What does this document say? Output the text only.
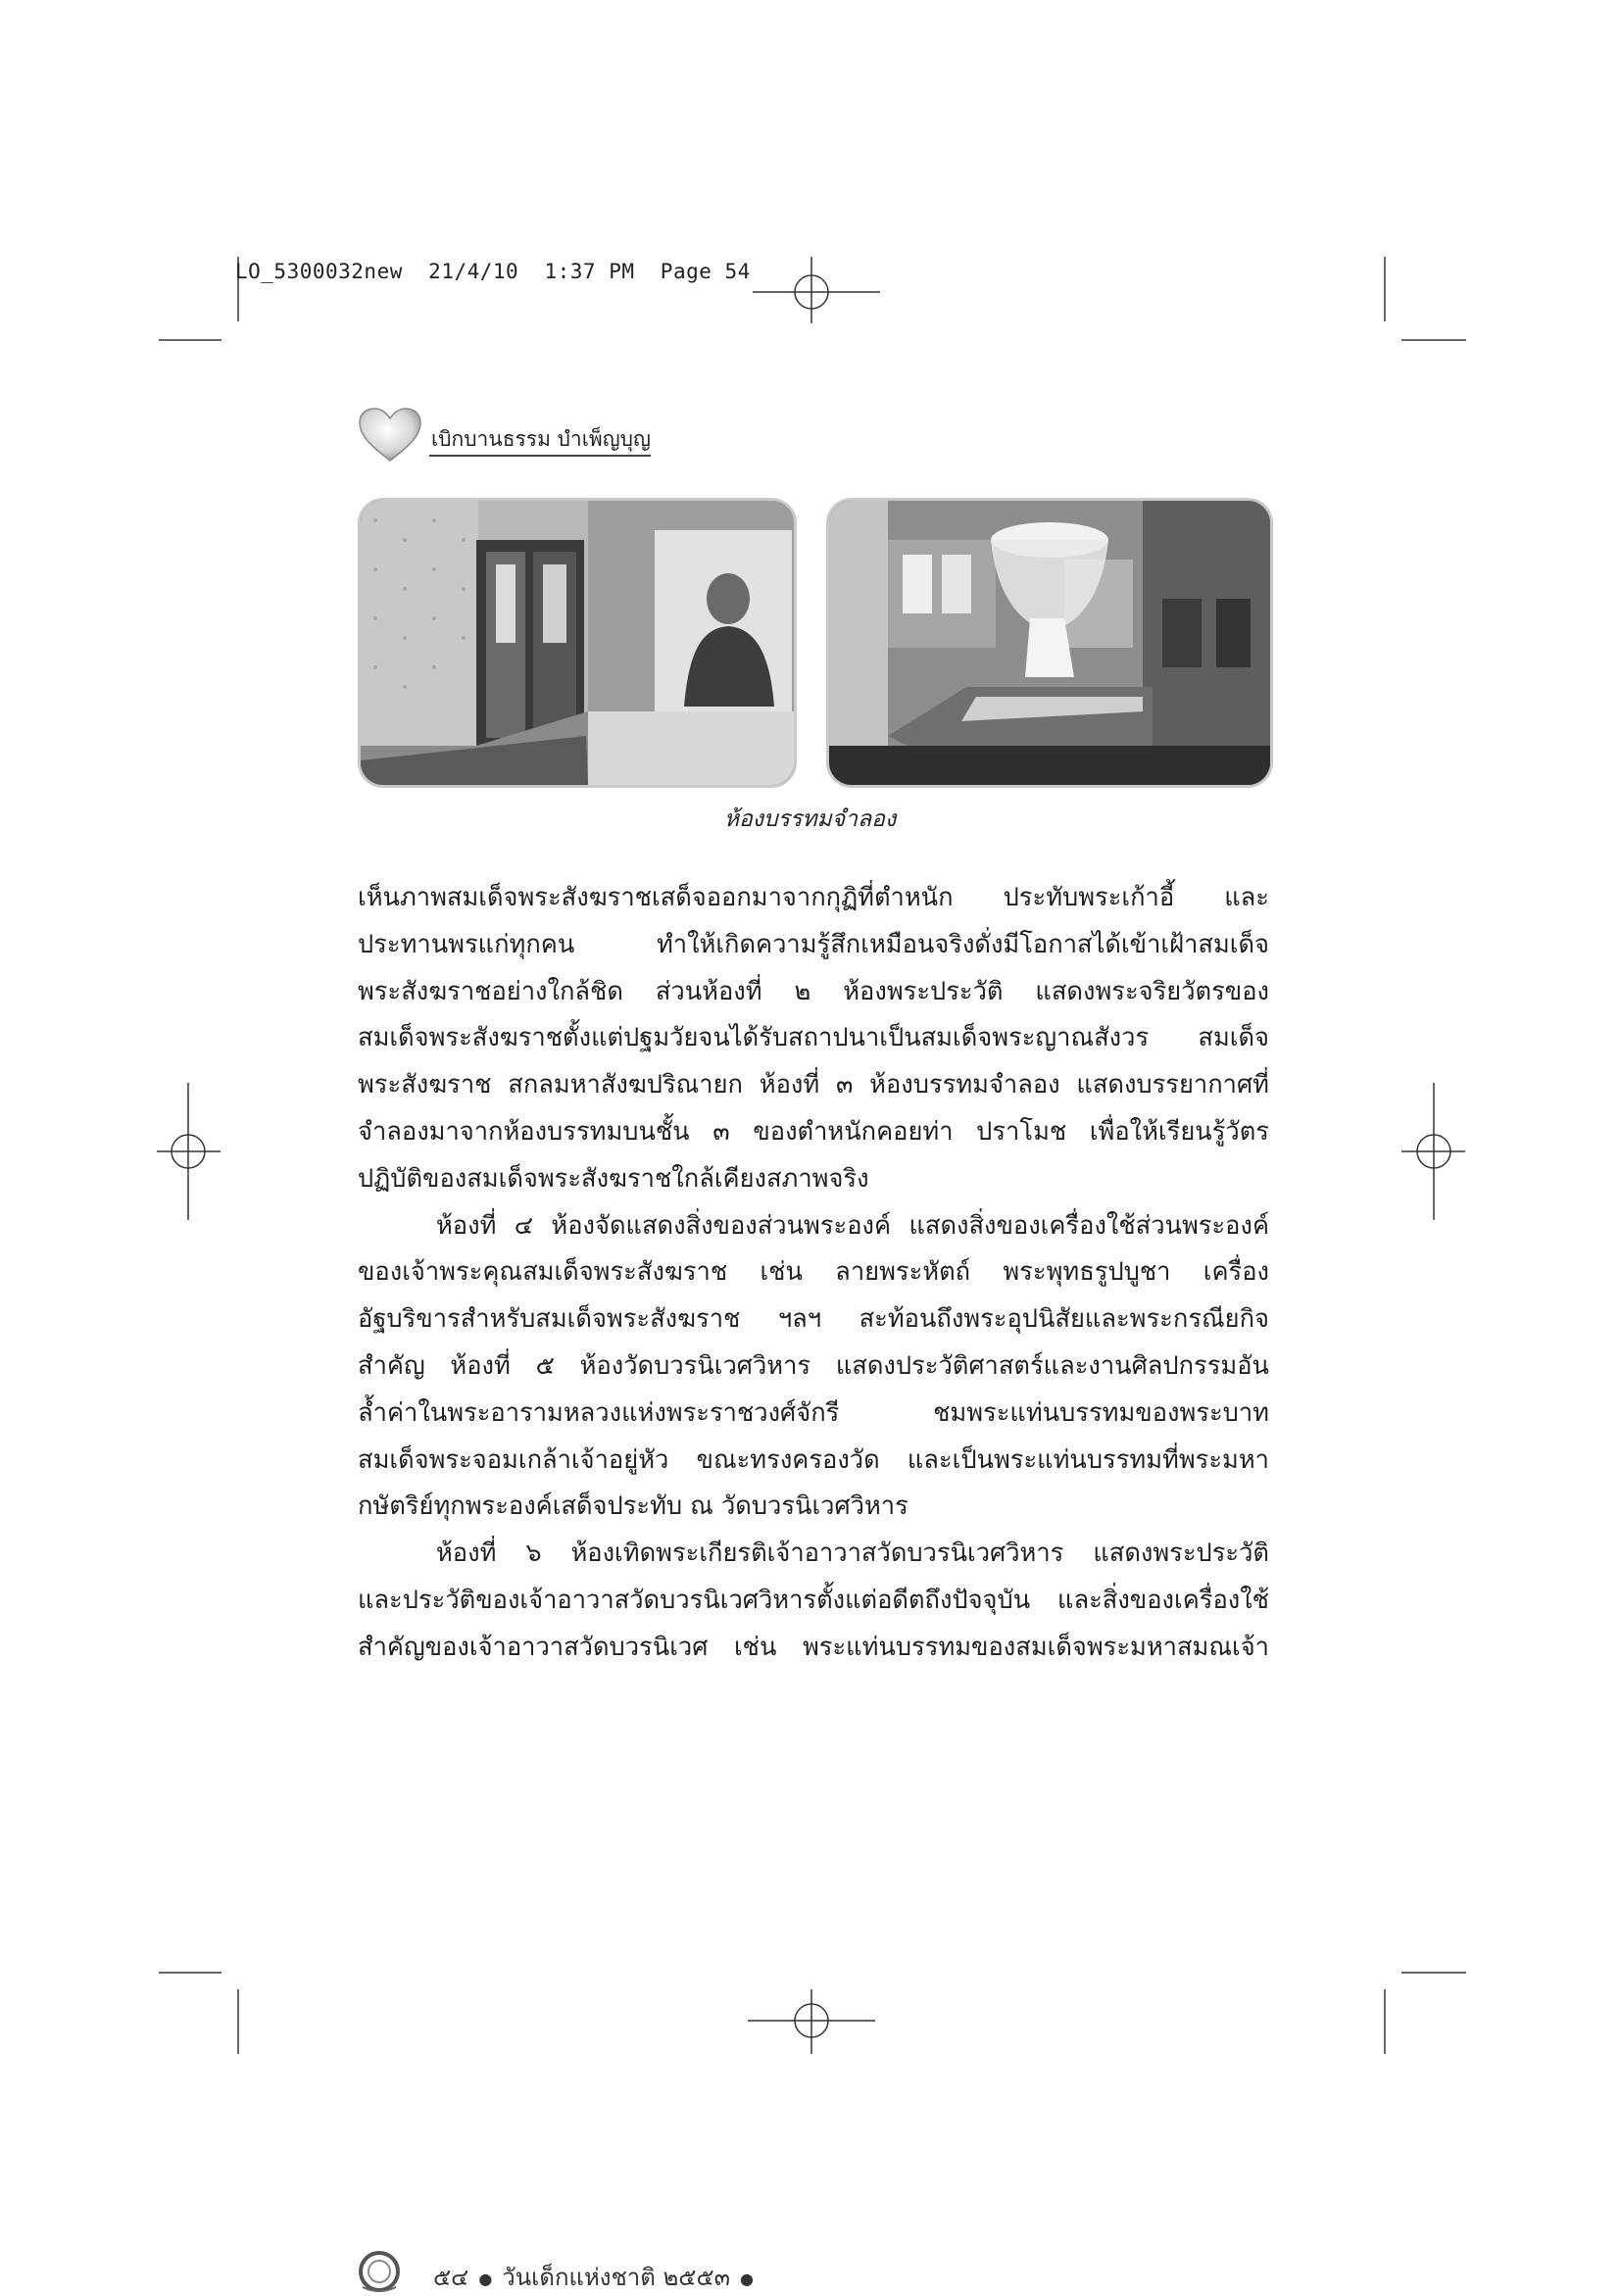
LO_5300032new 21/4/10 1:37 PM Page 54
เบิกบานธรรม บำเพ็ญบุญ
ห้องบรรทมจำลอง
เห็นภาพสมเด็จพระสังฆราชเสด็จออกมาจากกุฏิที่ตำหนัก ประทับพระเก้าอี้ และ
ประทานพรแก่ทุกคน ทำให้เกิดความรู้สึกเหมือนจริงดั่งมีโอกาสได้เข้าเฝ้าสมเด็จ
พระสังฆราชอย่างใกล้ชิด ส่วนห้องที่ ๒ ห้องพระประวัติ แสดงพระจริยวัตรของ
สมเด็จพระสังฆราชตั้งแต่ปฐมวัยจนได้รับสถาปนาเป็นสมเด็จพระญาณสังวร สมเด็จ
พระสังฆราช สกลมหาสังฆปริณายก ห้องที่ ๓ ห้องบรรทมจำลอง แสดงบรรยากาศที่
จำลองมาจากห้องบรรทมบนชั้น ๓ ของตำหนักคอยท่า ปราโมช เพื่อให้เรียนรู้วัตร
ปฏิบัติของสมเด็จพระสังฆราชใกล้เคียงสภาพจริง
ห้องที่ ๔ ห้องจัดแสดงสิ่งของส่วนพระองค์ แสดงสิ่งของเครื่องใช้ส่วนพระองค์
ของเจ้าพระคุณสมเด็จพระสังฆราช เช่น ลายพระหัตถ์ พระพุทธรูปบูชา เครื่อง
อัฐบริขารสำหรับสมเด็จพระสังฆราช ฯลฯ สะท้อนถึงพระอุปนิสัยและพระกรณียกิจ
สำคัญ ห้องที่ ๕ ห้องวัดบวรนิเวศวิหาร แสดงประวัติศาสตร์และงานศิลปกรรมอัน
ล้ำค่าในพระอารามหลวงแห่งพระราชวงศ์จักรี ชมพระแท่นบรรทมของพระบาท
สมเด็จพระจอมเกล้าเจ้าอยู่หัว ขณะทรงครองวัด และเป็นพระแท่นบรรทมที่พระมหา
กษัตริย์ทุกพระองค์เสด็จประทับ ณ วัดบวรนิเวศวิหาร
ห้องที่ ๖ ห้องเทิดพระเกียรติเจ้าอาวาสวัดบวรนิเวศวิหาร แสดงพระประวัติ
และประวัติของเจ้าอาวาสวัดบวรนิเวศวิหารตั้งแต่อดีตถึงปัจจุบัน และสิ่งของเครื่องใช้
สำคัญของเจ้าอาวาสวัดบวรนิเวศ เช่น พระแท่นบรรทมของสมเด็จพระมหาสมณเจ้า
๕๔ ● วันเด็กแห่งชาติ ๒๕๕๓ ●
